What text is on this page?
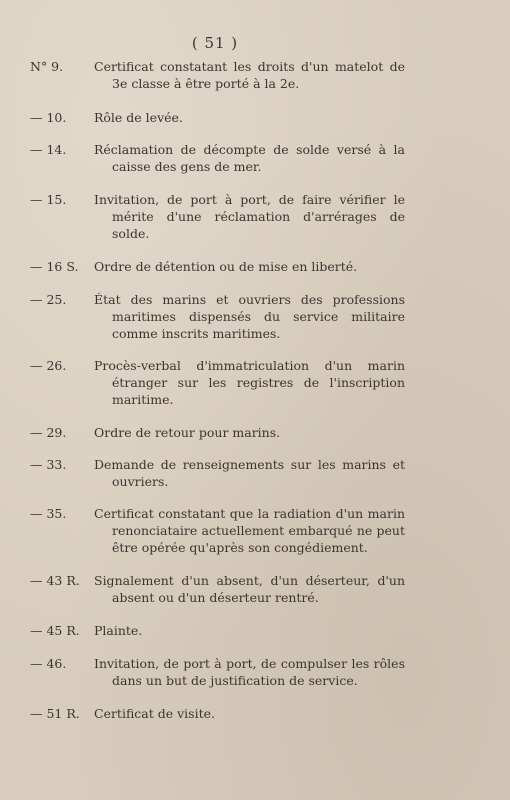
( 51 )
N° 9. Certificat constatant les droits d'un matelot de 3e classe à être porté à la 2e.
— 10. Rôle de levée.
— 14. Réclamation de décompte de solde versé à la caisse des gens de mer.
— 15. Invitation, de port à port, de faire vérifier le mérite d'une réclamation d'arrérages de solde.
— 16 S. Ordre de détention ou de mise en liberté.
— 25. État des marins et ouvriers des professions maritimes dispensés du service militaire comme inscrits maritimes.
— 26. Procès-verbal d'immatriculation d'un marin étranger sur les registres de l'inscription maritime.
— 29. Ordre de retour pour marins.
— 33. Demande de renseignements sur les marins et ouvriers.
— 35. Certificat constatant que la radiation d'un marin renonciataire actuellement embarqué ne peut être opérée qu'après son congédiement.
— 43 R. Signalement d'un absent, d'un déserteur, d'un absent ou d'un déserteur rentré.
— 45 R. Plainte.
— 46. Invitation, de port à port, de compulser les rôles dans un but de justification de service.
— 51 R. Certificat de visite.
